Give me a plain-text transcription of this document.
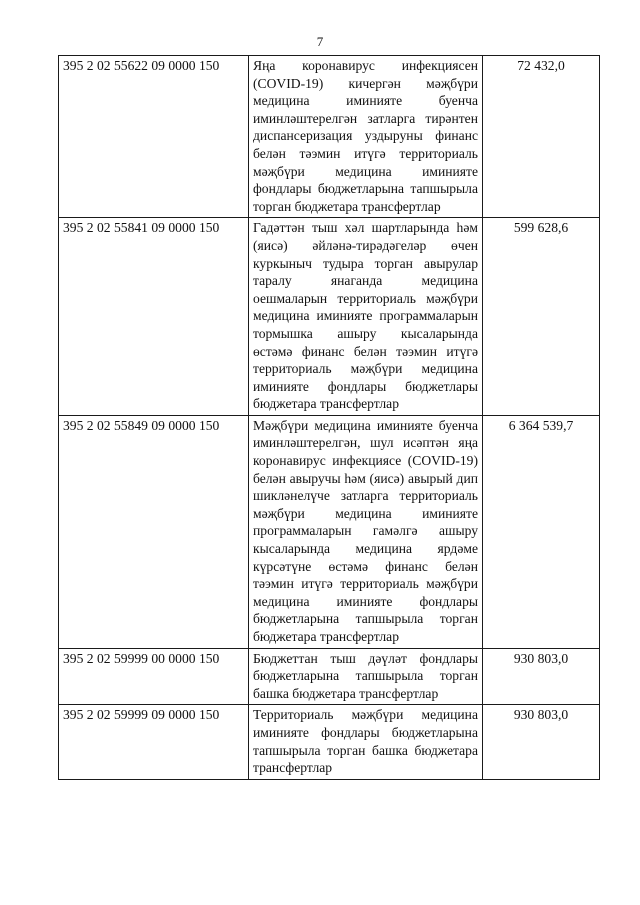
7
395 2 02 55622 09 0000 150	Яңа коронавирус инфекциясен (COVID-19) кичергән мәҗбүри медицина иминияте буенча иминләштерелгән затларга тирәнтен диспансеризация уздыруны финанс белән тәэмин итүгә территориаль мәҗбүри медицина иминияте фондлары бюджетларына тапшырыла торган бюджетара трансфертлар	72 432,0
395 2 02 55841 09 0000 150	Гадәттән тыш хәл шартларында һәм (яисә) әйләнә-тирәдәгеләр өчен куркыныч тудыра торган авырулар таралу янаганда медицина оешмаларын территориаль мәҗбүри медицина иминияте программаларын тормышка ашыру кысаларында өстәмә финанс белән тәэмин итүгә территориаль мәҗбүри медицина иминияте фондлары бюджетлары бюджетара трансфертлар	599 628,6
395 2 02 55849 09 0000 150	Мәҗбүри медицина иминияте буенча иминләштерелгән, шул исәптән яңа коронавирус инфекциясе (COVID-19) белән авыручы һәм (яисә) авырый дип шикләнелүче затларга территориаль мәҗбүри медицина иминияте программаларын гамәлгә ашыру кысаларында медицина ярдәме күрсәтүне өстәмә финанс белән тәэмин итүгә территориаль мәҗбүри медицина иминияте фондлары бюджетларына тапшырыла торган бюджетара трансфертлар	6 364 539,7
395 2 02 59999 00 0000 150	Бюджеттан тыш дәүләт фондлары бюджетларына тапшырыла торган башка бюджетара трансфертлар	930 803,0
395 2 02 59999 09 0000 150	Территориаль мәҗбүри медицина иминияте фондлары бюджетларына тапшырыла торган башка бюджетара трансфертлар	930 803,0
